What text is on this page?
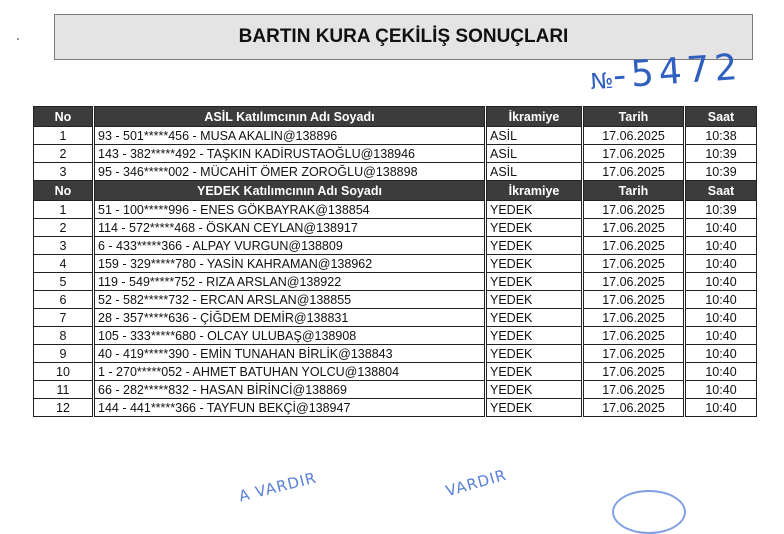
BARTIN KURA ÇEKİLİŞ SONUÇLARI
№-5472
No	ASİL Katılımcının Adı Soyadı	İkramiye	Tarih	Saat
1	93 - 501*****456 - MUSA AKALIN@138896	ASİL	17.06.2025	10:38
2	143 - 382*****492 - TAŞKIN KADİRUSTAOĞLU@138946	ASİL	17.06.2025	10:39
3	95 - 346*****002 - MÜCAHİT ÖMER ZOROĞLU@138898	ASİL	17.06.2025	10:39
No	YEDEK Katılımcının Adı Soyadı	İkramiye	Tarih	Saat
1	51 - 100*****996 - ENES GÖKBAYRAK@138854	YEDEK	17.06.2025	10:39
2	114 - 572*****468 - ÖSKAN CEYLAN@138917	YEDEK	17.06.2025	10:40
3	6 - 433*****366 - ALPAY VURGUN@138809	YEDEK	17.06.2025	10:40
4	159 - 329*****780 - YASİN KAHRAMAN@138962	YEDEK	17.06.2025	10:40
5	119 - 549*****752 - RIZA ARSLAN@138922	YEDEK	17.06.2025	10:40
6	52 - 582*****732 - ERCAN ARSLAN@138855	YEDEK	17.06.2025	10:40
7	28 - 357*****636 - ÇİĞDEM DEMİR@138831	YEDEK	17.06.2025	10:40
8	105 - 333*****680 - OLCAY ULUBAŞ@138908	YEDEK	17.06.2025	10:40
9	40 - 419*****390 - EMİN TUNAHAN BİRLİK@138843	YEDEK	17.06.2025	10:40
10	1 - 270*****052 - AHMET BATUHAN YOLCU@138804	YEDEK	17.06.2025	10:40
11	66 - 282*****832 - HASAN BİRİNCİ@138869	YEDEK	17.06.2025	10:40
12	144 - 441*****366 - TAYFUN BEKÇİ@138947	YEDEK	17.06.2025	10:40
A VARDIR	VARDIR
